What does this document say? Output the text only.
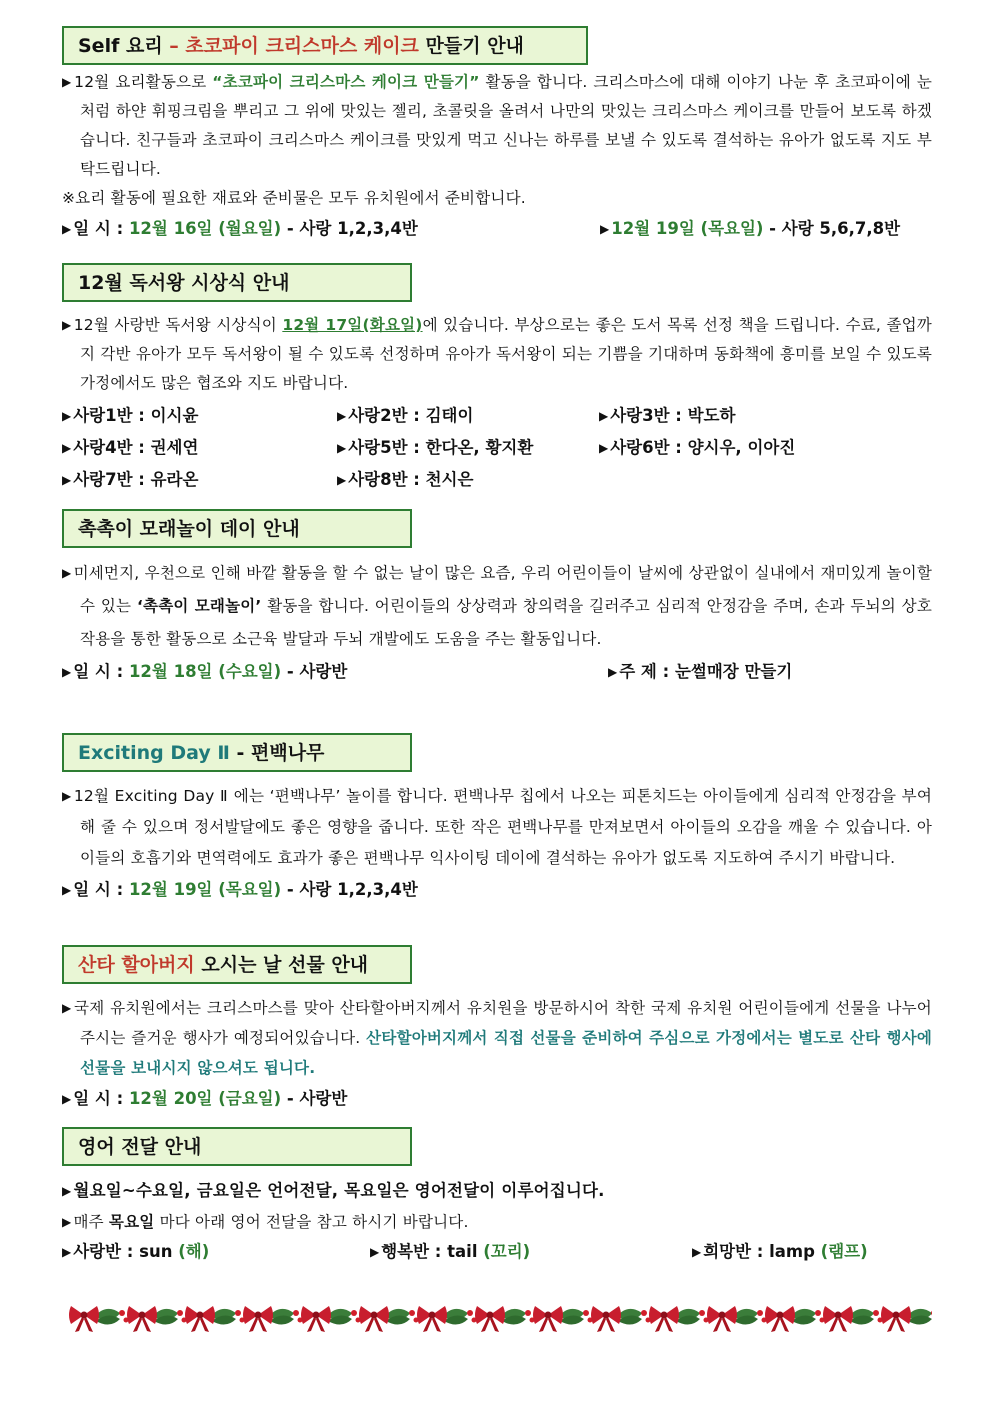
Self 요리 – 초코파이 크리스마스 케이크 만들기 안내
▶ 12월 요리활동으로 “초코파이 크리스마스 케이크 만들기” 활동을 합니다. 크리스마스에 대해 이야기 나눈 후 초코파이에 눈처럼 하얀 휘핑크림을 뿌리고 그 위에 맛있는 젤리, 초콜릿을 올려서 나만의 맛있는 크리스마스 케이크를 만들어 보도록 하겠습니다. 친구들과 초코파이 크리스마스 케이크를 맛있게 먹고 신나는 하루를 보낼 수 있도록 결석하는 유아가 없도록 지도 부탁드립니다.
※요리 활동에 필요한 재료와 준비물은 모두 유치원에서 준비합니다.
▶ 일 시 : 12월 16일 (월요일) - 사랑 1,2,3,4반	▶ 12월 19일 (목요일) - 사랑 5,6,7,8반
12월 독서왕 시상식 안내
▶ 12월 사랑반 독서왕 시상식이 12월 17일(화요일)에 있습니다. 부상으로는 좋은 도서 목록 선정 책을 드립니다. 수료, 졸업까지 각반 유아가 모두 독서왕이 될 수 있도록 선정하며 유아가 독서왕이 되는 기쁨을 기대하며 동화책에 흥미를 보일 수 있도록 가정에서도 많은 협조와 지도 바랍니다.
▶ 사랑1반 : 이시윤	▶ 사랑2반 : 김태이	▶ 사랑3반 : 박도하
▶ 사랑4반 : 권세연	▶ 사랑5반 : 한다온, 황지환	▶ 사랑6반 : 양시우, 이아진
▶ 사랑7반 : 유라온	▶ 사랑8반 : 천시은
촉촉이 모래놀이 데이 안내
▶ 미세먼지, 우천으로 인해 바깥 활동을 할 수 없는 날이 많은 요즘, 우리 어린이들이 날씨에 상관없이 실내에서 재미있게 놀이할 수 있는 ‘촉촉이 모래놀이’ 활동을 합니다. 어린이들의 상상력과 창의력을 길러주고 심리적 안정감을 주며, 손과 두뇌의 상호작용을 통한 활동으로 소근육 발달과 두뇌 개발에도 도움을 주는 활동입니다.
▶ 일 시 : 12월 18일 (수요일) - 사랑반	▶ 주 제 : 눈썰매장 만들기
Exciting Day Ⅱ - 편백나무
▶ 12월 Exciting Day Ⅱ 에는 ‘편백나무’ 놀이를 합니다. 편백나무 칩에서 나오는 피톤치드는 아이들에게 심리적 안정감을 부여해 줄 수 있으며 정서발달에도 좋은 영향을 줍니다. 또한 작은 편백나무를 만져보면서 아이들의 오감을 깨울 수 있습니다. 아이들의 호흡기와 면역력에도 효과가 좋은 편백나무 익사이팅 데이에 결석하는 유아가 없도록 지도하여 주시기 바랍니다.
▶ 일 시 : 12월 19일 (목요일) - 사랑 1,2,3,4반
산타 할아버지 오시는 날 선물 안내
▶ 국제 유치원에서는 크리스마스를 맞아 산타할아버지께서 유치원을 방문하시어 착한 국제 유치원 어린이들에게 선물을 나누어 주시는 즐거운 행사가 예정되어있습니다. 산타할아버지께서 직접 선물을 준비하여 주심으로 가정에서는 별도로 산타 행사에 선물을 보내시지 않으셔도 됩니다.
▶ 일 시 : 12월 20일 (금요일) - 사랑반
영어 전달 안내
▶ 월요일~수요일, 금요일은 언어전달, 목요일은 영어전달이 이루어집니다.
▶ 매주 목요일 마다 아래 영어 전달을 참고 하시기 바랍니다.
▶ 사랑반 : sun (해)	▶ 행복반 : tail (꼬리)	▶ 희망반 : lamp (램프)
